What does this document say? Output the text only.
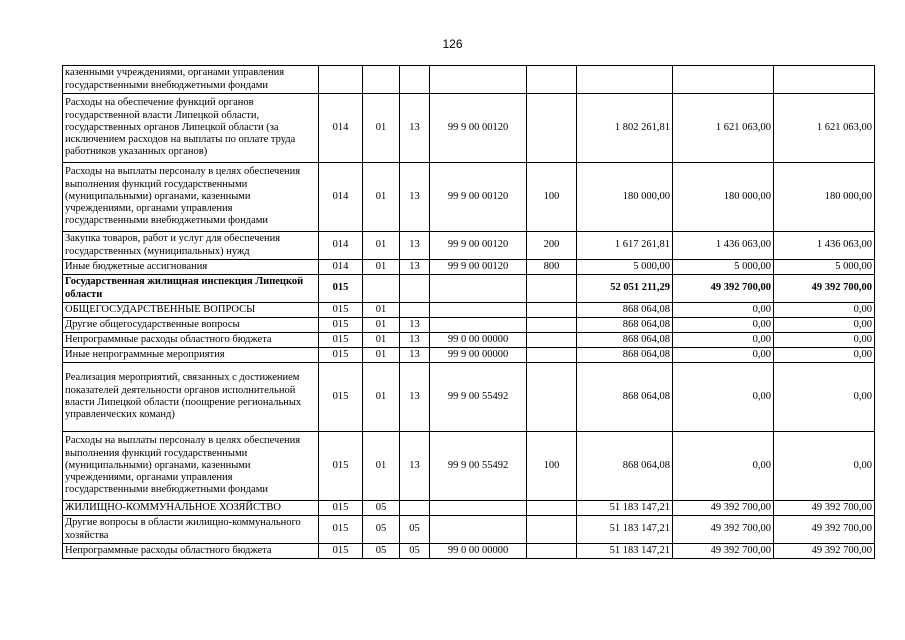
126
казенными учреждениями, органами управления государственными внебюджетными фондами								
Расходы на обеспечение функций органов государственной власти Липецкой области, государственных органов Липецкой области (за исключением расходов на выплаты по оплате труда работников указанных органов)	014	01	13	99 9 00 00120		1 802 261,81	1 621 063,00	1 621 063,00
Расходы на выплаты персоналу в целях обеспечения выполнения функций государственными (муниципальными) органами, казенными учреждениями, органами управления государственными внебюджетными фондами	014	01	13	99 9 00 00120	100	180 000,00	180 000,00	180 000,00
Закупка товаров, работ и услуг для обеспечения государственных (муниципальных) нужд	014	01	13	99 9 00 00120	200	1 617 261,81	1 436 063,00	1 436 063,00
Иные бюджетные ассигнования	014	01	13	99 9 00 00120	800	5 000,00	5 000,00	5 000,00
Государственная жилищная инспекция Липецкой области	015					52 051 211,29	49 392 700,00	49 392 700,00
ОБЩЕГОСУДАРСТВЕННЫЕ ВОПРОСЫ	015	01				868 064,08	0,00	0,00
Другие общегосударственные вопросы	015	01	13			868 064,08	0,00	0,00
Непрограммные расходы областного бюджета	015	01	13	99 0 00 00000		868 064,08	0,00	0,00
Иные непрограммные мероприятия	015	01	13	99 9 00 00000		868 064,08	0,00	0,00
Реализация мероприятий, связанных с достижением показателей деятельности органов исполнительной власти Липецкой области (поощрение региональных управленческих команд)	015	01	13	99 9 00 55492		868 064,08	0,00	0,00
Расходы на выплаты персоналу в целях обеспечения выполнения функций государственными (муниципальными) органами, казенными учреждениями, органами управления государственными внебюджетными фондами	015	01	13	99 9 00 55492	100	868 064,08	0,00	0,00
ЖИЛИЩНО-КОММУНАЛЬНОЕ ХОЗЯЙСТВО	015	05				51 183 147,21	49 392 700,00	49 392 700,00
Другие вопросы в области жилищно-коммунального хозяйства	015	05	05			51 183 147,21	49 392 700,00	49 392 700,00
Непрограммные расходы областного бюджета	015	05	05	99 0 00 00000		51 183 147,21	49 392 700,00	49 392 700,00
